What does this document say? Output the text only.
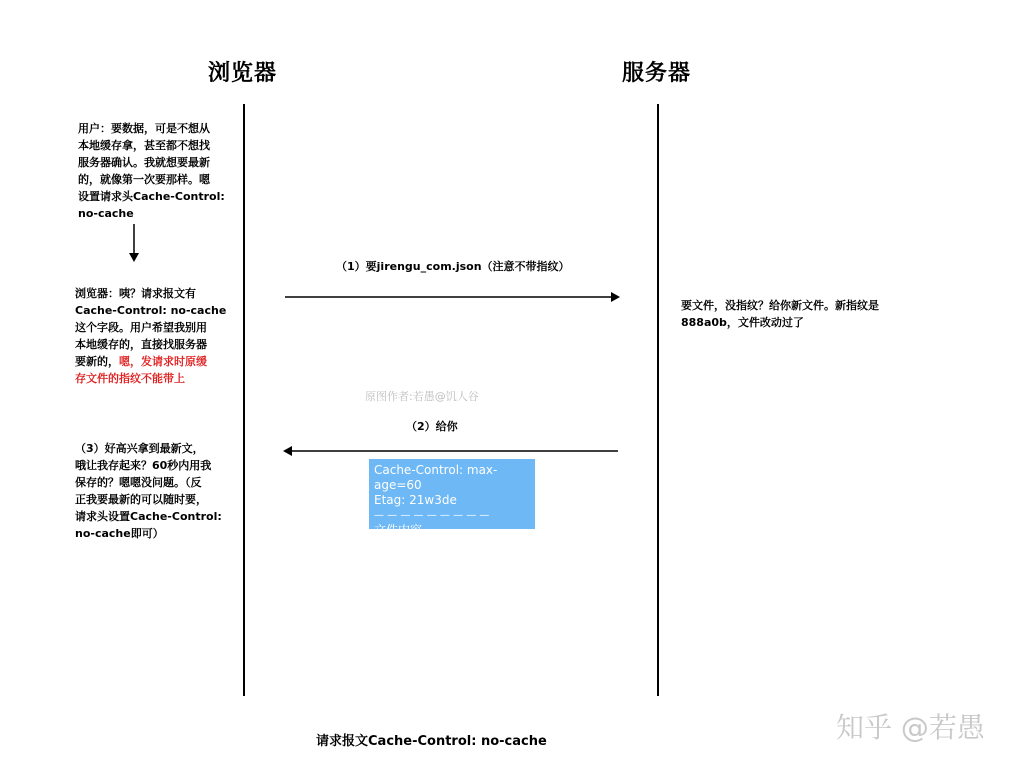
浏览器	服务器
用户：要数据，可是不想从
本地缓存拿，甚至都不想找
服务器确认。我就想要最新
的，就像第一次要那样。嗯
设置请求头Cache-Control:
no-cache
浏览器：咦？请求报文有
Cache-Control: no-cache
这个字段。用户希望我别用
本地缓存的，直接找服务器
要新的，嗯，发请求时原缓
存文件的指纹不能带上
（1）要jirengu_com.json（注意不带指纹）
要文件，没指纹？给你新文件。新指纹是
888a0b，文件改动过了
原图作者:若愚@饥人谷
（2）给你
Cache-Control: max-age=60
Etag: 21w3de
— — — — — — — — —
文件内容
（3）好高兴拿到最新文，
哦让我存起来？60秒内用我
保存的？嗯嗯没问题。（反
正我要最新的可以随时要，
请求头设置Cache-Control:
no-cache即可）
请求报文Cache-Control: no-cache	知乎 @若愚
